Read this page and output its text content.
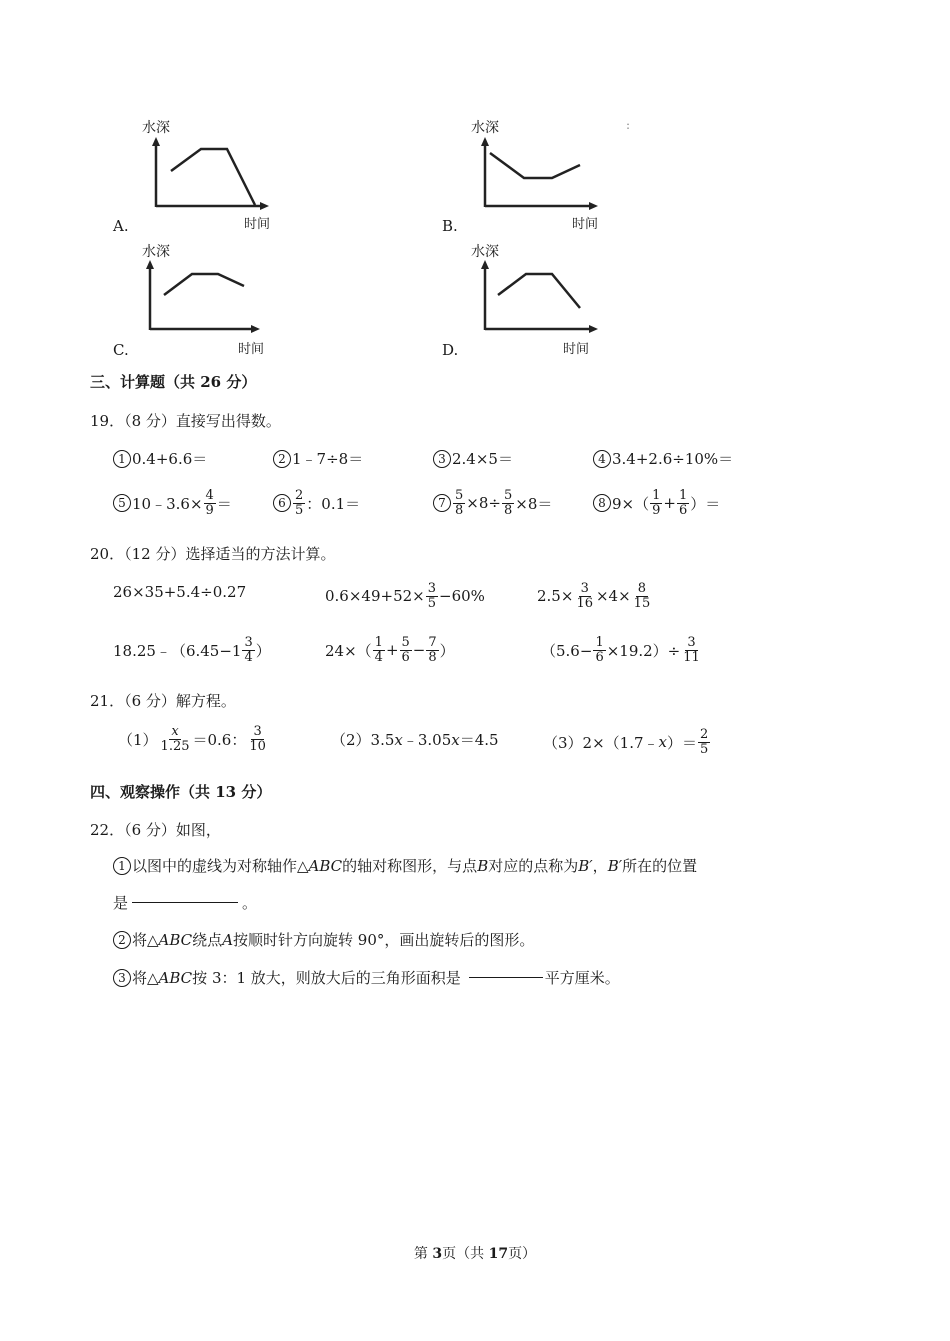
水深
时间
A.
水深
时间
B.
:
水深
时间
C.
水深
时间
D.
三、计算题（共 26 分）
19．（8 分）直接写出得数。
1 0.4+6.6＝	2 1﹣7÷8＝	3 2.4×5＝	4 3.4+2.6÷10%＝
5 10﹣3.6× $\frac{4}{9}$ ＝	$6 \frac{2}{5}$ ：0.1＝	$7 \frac{5}{8} \times 8\div \frac{5}{8} \times 8=$	8 $9\times( \frac{1}{9} + \frac{1}{6}$ ）＝
20．（12 分）选择适当的方法计算。
26×35+5.4÷0.27	$0.6\times 49+52\times \frac{3}{5} -60\%$	$2.5\times \frac{3}{16} \times 4\times \frac{8}{15}$
18.25﹣（6.45−1 $\frac{3}{4}$ ）	$24\times( \frac{1}{4} + \frac{5}{6} - \frac{7}{8}$ ）	$(5.6- \frac{1}{6} \times 19.2)\div \frac{3}{11}$
21．（6 分）解方程。
$(1) \frac{x}{1.25} =0.6$： $\frac{3}{10}$	（2）3.5 x ﹣3.05 x ＝4.5	（3）2×（1.7﹣ x ）＝ $\frac{2}{5}$
四、观察操作（共 13 分）
22．（6 分）如图，
1 以图中的虚线为对称轴作△ ABC 的轴对称图形，与点 B 对应的点称为 B′ ， B′ 所在的位置
是	。
2 将△ ABC 绕点 A 按顺时针方向旋转 90°，画出旋转后的图形。
3 将△ ABC 按 3：1 放大，则放大后的三角形面积是	平方厘米。
第 3页（共 17页）
